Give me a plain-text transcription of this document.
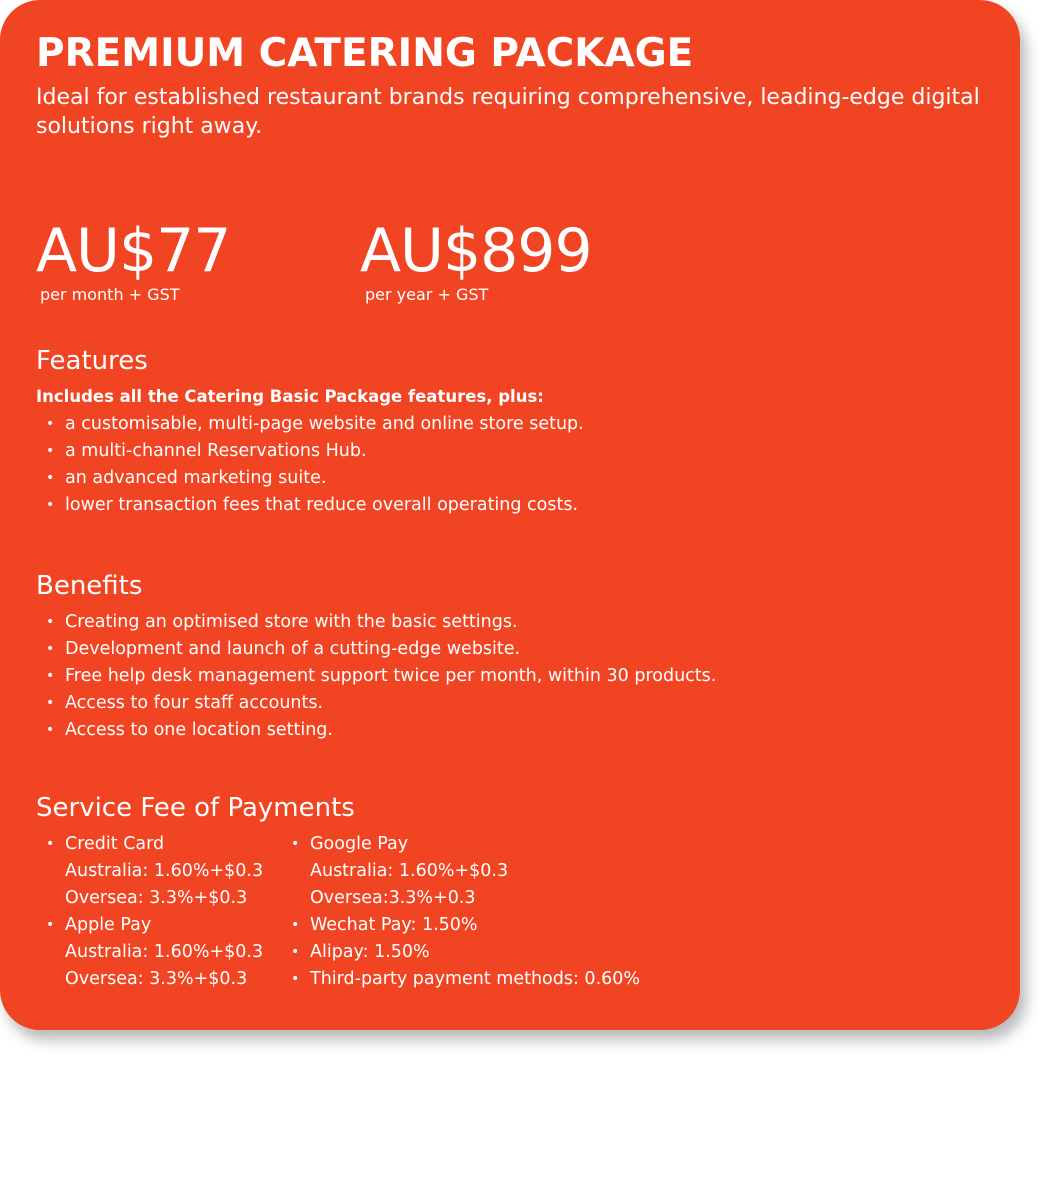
PREMIUM CATERING PACKAGE
Ideal for established restaurant brands requiring comprehensive, leading-edge digital solutions right away.
AU$77
per month + GST
AU$899
per year + GST
Features
Includes all the Catering Basic Package features, plus:
• a customisable, multi-page website and online store setup.
• a multi-channel Reservations Hub.
• an advanced marketing suite.
• lower transaction fees that reduce overall operating costs.
Benefits
• Creating an optimised store with the basic settings.
• Development and launch of a cutting-edge website.
• Free help desk management support twice per month, within 30 products.
• Access to four staff accounts.
• Access to one location setting.
Service Fee of Payments
• Credit Card
Australia: 1.60%+$0.3
Oversea: 3.3%+$0.3
• Apple Pay
Australia: 1.60%+$0.3
Oversea: 3.3%+$0.3
• Google Pay
Australia: 1.60%+$0.3
Oversea:3.3%+0.3
• Wechat Pay: 1.50%
• Alipay: 1.50%
• Third-party payment methods: 0.60%
